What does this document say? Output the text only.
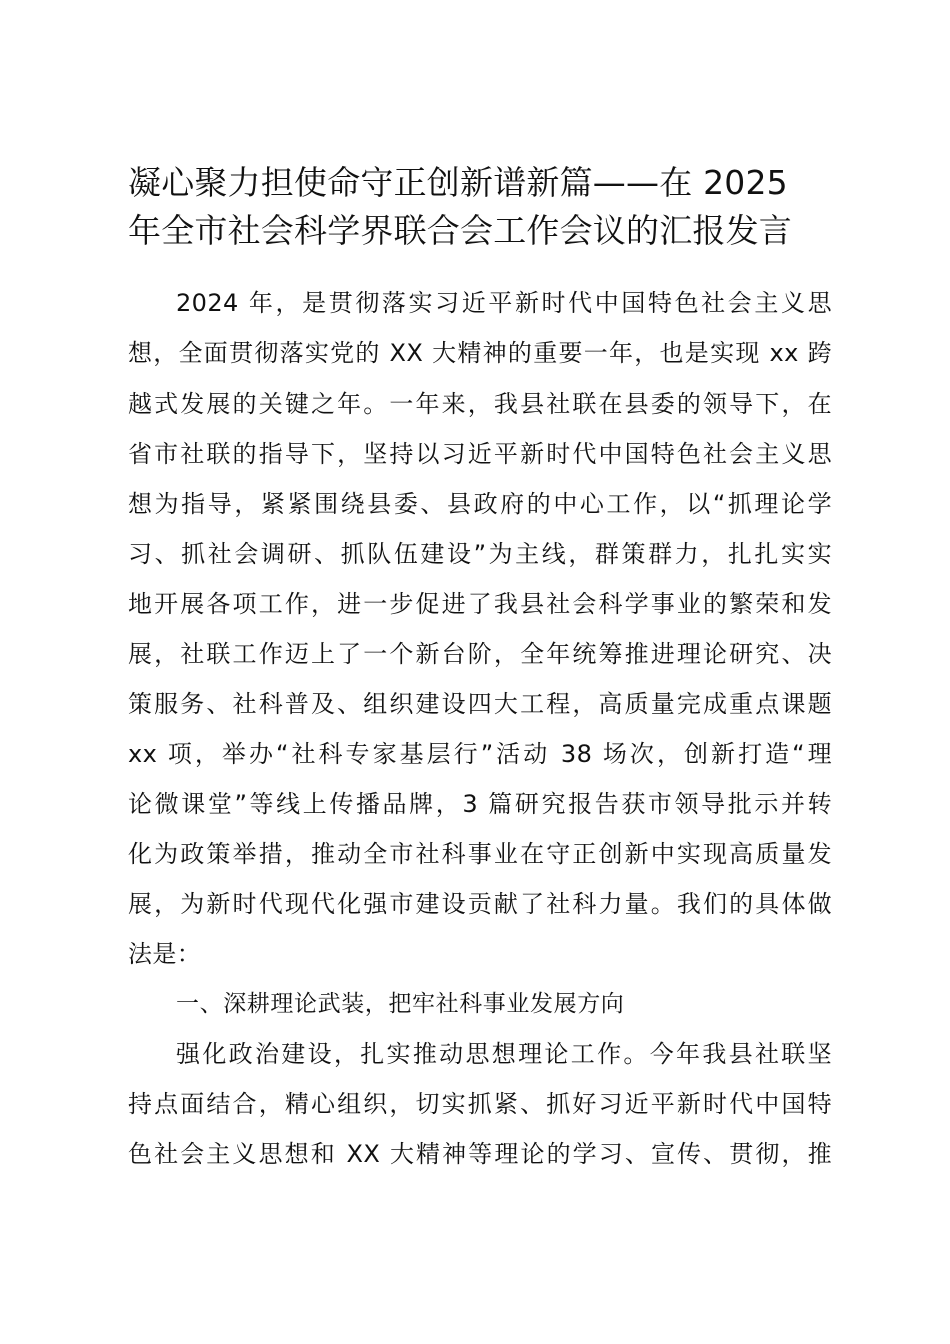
凝心聚力担使命守正创新谱新篇——在 2025
年全市社会科学界联合会工作会议的汇报发言
2024 年，是贯彻落实习近平新时代中国特色社会主义思
想，全面贯彻落实党的 XX 大精神的重要一年，也是实现 xx 跨
越式发展的关键之年。一年来，我县社联在县委的领导下，在
省市社联的指导下，坚持以习近平新时代中国特色社会主义思
想为指导，紧紧围绕县委、县政府的中心工作，以“抓理论学
习、抓社会调研、抓队伍建设”为主线，群策群力，扎扎实实
地开展各项工作，进一步促进了我县社会科学事业的繁荣和发
展，社联工作迈上了一个新台阶，全年统筹推进理论研究、决
策服务、社科普及、组织建设四大工程，高质量完成重点课题
xx 项，举办“社科专家基层行”活动 38 场次，创新打造“理
论微课堂”等线上传播品牌，3 篇研究报告获市领导批示并转
化为政策举措，推动全市社科事业在守正创新中实现高质量发
展，为新时代现代化强市建设贡献了社科力量。我们的具体做
法是：
一、深耕理论武装，把牢社科事业发展方向
强化政治建设，扎实推动思想理论工作。今年我县社联坚
持点面结合，精心组织，切实抓紧、抓好习近平新时代中国特
色社会主义思想和 XX 大精神等理论的学习、宣传、贯彻，推
